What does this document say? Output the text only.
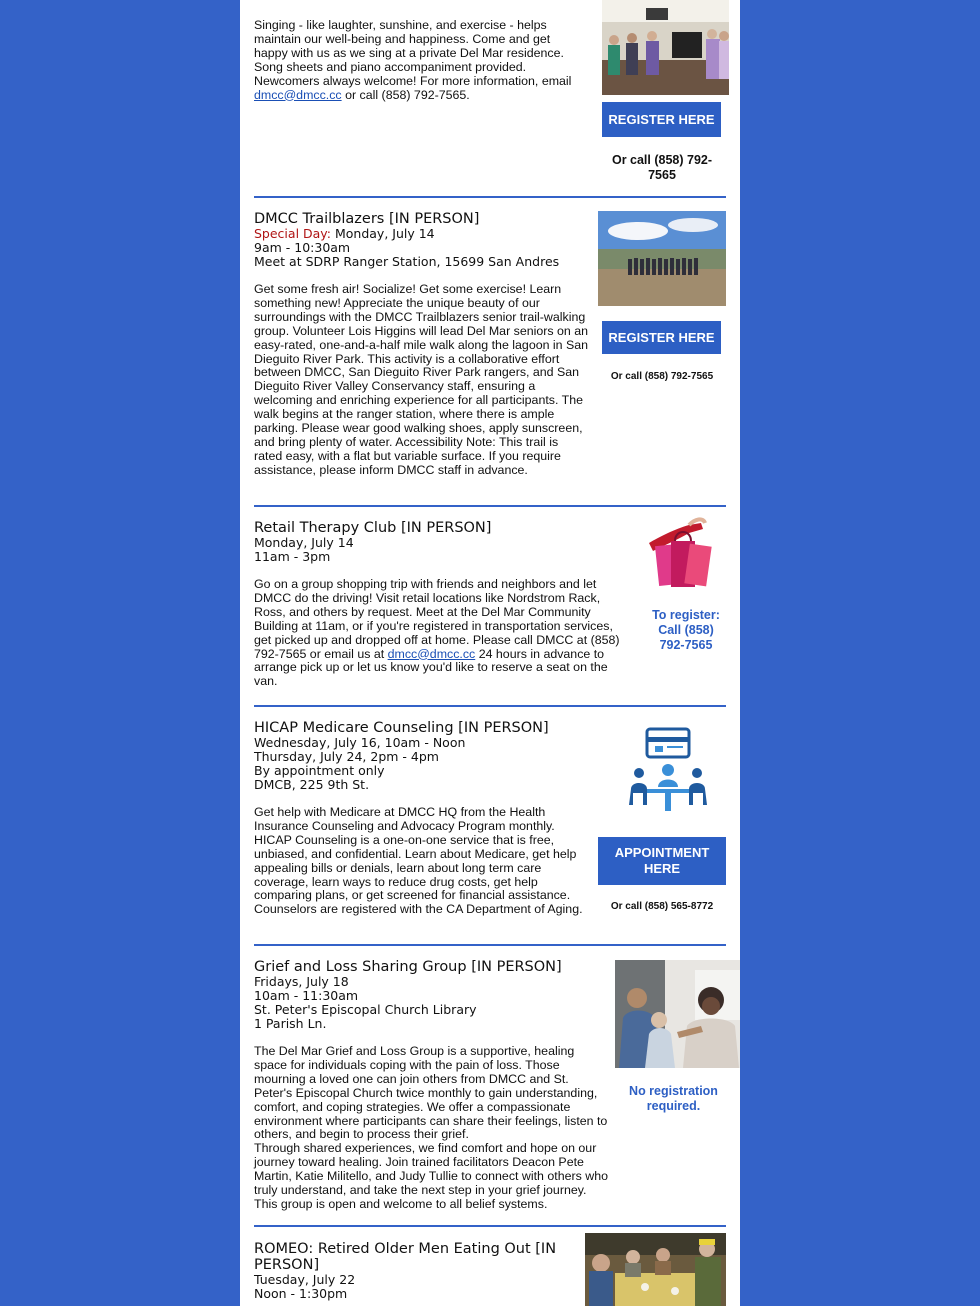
Singing - like laughter, sunshine, and exercise - helps maintain our well-being and happiness. Come and get happy with us as we sing at a private Del Mar residence. Song sheets and piano accompaniment provided. Newcomers always welcome! For more information, email dmcc@dmcc.cc or call (858) 792-7565.
REGISTER HERE
Or call (858) 792-7565
DMCC Trailblazers [IN PERSON]
Special Day: Monday, July 14
9am - 10:30am
Meet at SDRP Ranger Station, 15699 San Andres
Get some fresh air! Socialize! Get some exercise! Learn something new! Appreciate the unique beauty of our surroundings with the DMCC Trailblazers senior trail-walking group. Volunteer Lois Higgins will lead Del Mar seniors on an easy-rated, one-and-a-half mile walk along the lagoon in San Dieguito River Park. This activity is a collaborative effort between DMCC, San Dieguito River Park rangers, and San Dieguito River Valley Conservancy staff, ensuring a welcoming and enriching experience for all participants. The walk begins at the ranger station, where there is ample parking. Please wear good walking shoes, apply sunscreen, and bring plenty of water. Accessibility Note: This trail is rated easy, with a flat but variable surface. If you require assistance, please inform DMCC staff in advance.
REGISTER HERE
Or call (858) 792-7565
Retail Therapy Club [IN PERSON]
Monday, July 14
11am - 3pm
Go on a group shopping trip with friends and neighbors and let DMCC do the driving! Visit retail locations like Nordstrom Rack, Ross, and others by request. Meet at the Del Mar Community Building at 11am, or if you're registered in transportation services, get picked up and dropped off at home. Please call DMCC at (858) 792-7565 or email us at dmcc@dmcc.cc 24 hours in advance to arrange pick up or let us know you'd like to reserve a seat on the van.
To register: Call (858) 792-7565
HICAP Medicare Counseling [IN PERSON]
Wednesday, July 16, 10am - Noon
Thursday, July 24, 2pm - 4pm
By appointment only
DMCB, 225 9th St.
Get help with Medicare at DMCC HQ from the Health Insurance Counseling and Advocacy Program monthly. HICAP Counseling is a one-on-one service that is free, unbiased, and confidential. Learn about Medicare, get help appealing bills or denials, learn about long term care coverage, learn ways to reduce drug costs, get help comparing plans, or get screened for financial assistance. Counselors are registered with the CA Department of Aging.
APPOINTMENT HERE
Or call (858) 565-8772
Grief and Loss Sharing Group [IN PERSON]
Fridays, July 18
10am - 11:30am
St. Peter's Episcopal Church Library
1 Parish Ln.
The Del Mar Grief and Loss Group is a supportive, healing space for individuals coping with the pain of loss. Those mourning a loved one can join others from DMCC and St. Peter's Episcopal Church twice monthly to gain understanding, comfort, and coping strategies. We offer a compassionate environment where participants can share their feelings, listen to others, and begin to process their grief.
Through shared experiences, we find comfort and hope on our journey toward healing. Join trained facilitators Deacon Pete Martin, Katie Militello, and Judy Tullie to connect with others who truly understand, and take the next step in your grief journey. This group is open and welcome to all belief systems.
No registration required.
ROMEO: Retired Older Men Eating Out [IN PERSON]
Tuesday, July 22
Noon - 1:30pm
